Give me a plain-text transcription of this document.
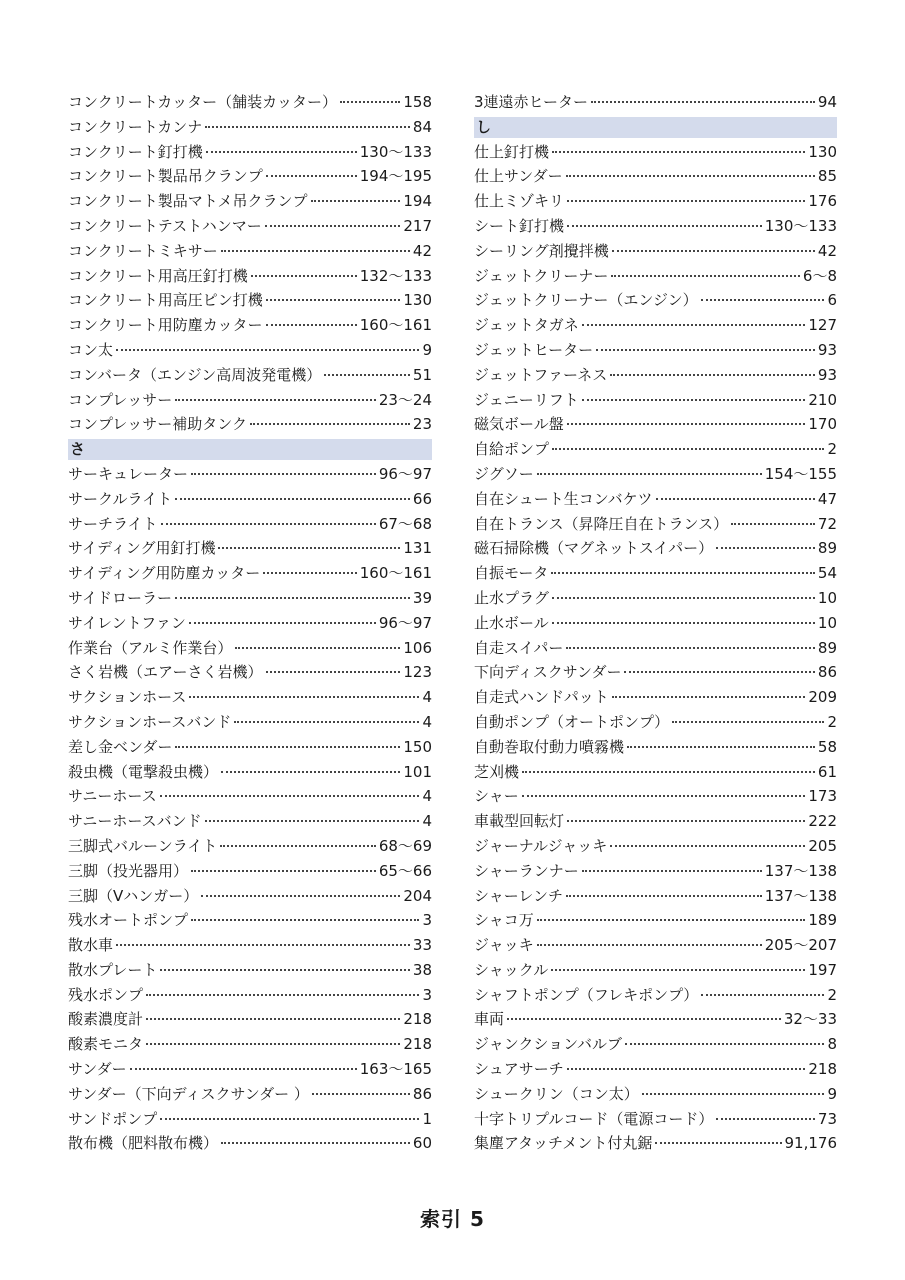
コンクリートカッター（舗装カッター）	158
コンクリートカンナ	84
コンクリート釘打機	130～133
コンクリート製品吊クランプ	194～195
コンクリート製品マトメ吊クランプ	194
コンクリートテストハンマー	217
コンクリートミキサー	42
コンクリート用高圧釘打機	132～133
コンクリート用高圧ピン打機	130
コンクリート用防塵カッター	160～161
コン太	9
コンバータ（エンジン高周波発電機）	51
コンプレッサー	23～24
コンプレッサー補助タンク	23
さ
サーキュレーター	96～97
サークルライト	66
サーチライト	67～68
サイディング用釘打機	131
サイディング用防塵カッター	160～161
サイドローラー	39
サイレントファン	96～97
作業台（アルミ作業台）	106
さく岩機（エアーさく岩機）	123
サクションホース	4
サクションホースバンド	4
差し金ベンダー	150
殺虫機（電撃殺虫機）	101
サニーホース	4
サニーホースバンド	4
三脚式バルーンライト	68～69
三脚（投光器用）	65～66
三脚（Vハンガー）	204
残水オートポンプ	3
散水車	33
散水プレート	38
残水ポンプ	3
酸素濃度計	218
酸素モニタ	218
サンダー	163～165
サンダー（下向ディスクサンダー ）	86
サンドポンプ	1
散布機（肥料散布機）	60
3連遠赤ヒーター	94
し
仕上釘打機	130
仕上サンダー	85
仕上ミゾキリ	176
シート釘打機	130～133
シーリング剤攪拌機	42
ジェットクリーナー	6～8
ジェットクリーナー（エンジン）	6
ジェットタガネ	127
ジェットヒーター	93
ジェットファーネス	93
ジェニーリフト	210
磁気ボール盤	170
自給ポンプ	2
ジグソー	154～155
自在シュート生コンバケツ	47
自在トランス（昇降圧自在トランス）	72
磁石掃除機（マグネットスイパー）	89
自振モータ	54
止水プラグ	10
止水ボール	10
自走スイパー	89
下向ディスクサンダー	86
自走式ハンドパット	209
自動ポンプ（オートポンプ）	2
自動巻取付動力噴霧機	58
芝刈機	61
シャー	173
車載型回転灯	222
ジャーナルジャッキ	205
シャーランナー	137～138
シャーレンチ	137～138
シャコ万	189
ジャッキ	205～207
シャックル	197
シャフトポンプ（フレキポンプ）	2
車両	32～33
ジャンクションバルブ	8
シュアサーチ	218
シュークリン（コン太）	9
十字トリプルコード（電源コード）	73
集塵アタッチメント付丸鋸	91,176
索引 5
